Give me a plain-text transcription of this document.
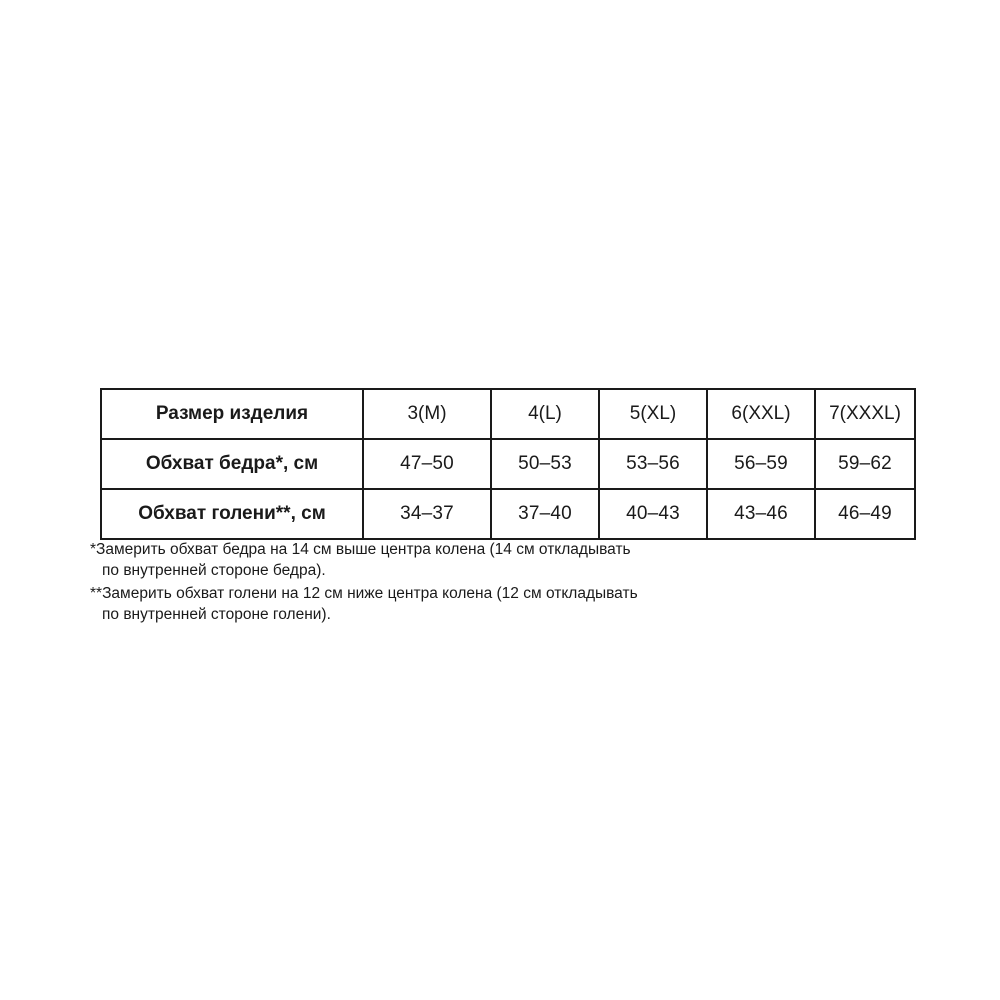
Размер изделия	3(M)	4(L)	5(XL)	6(XXL)	7(XXXL)
Обхват бедра*, см	47–50	50–53	53–56	56–59	59–62
Обхват голени**, см	34–37	37–40	40–43	43–46	46–49

*Замерить обхват бедра на 14 см выше центра колена (14 см откладывать

по внутренней стороне бедра).

**Замерить обхват голени на 12 см ниже центра колена (12 см откладывать

по внутренней стороне голени).
